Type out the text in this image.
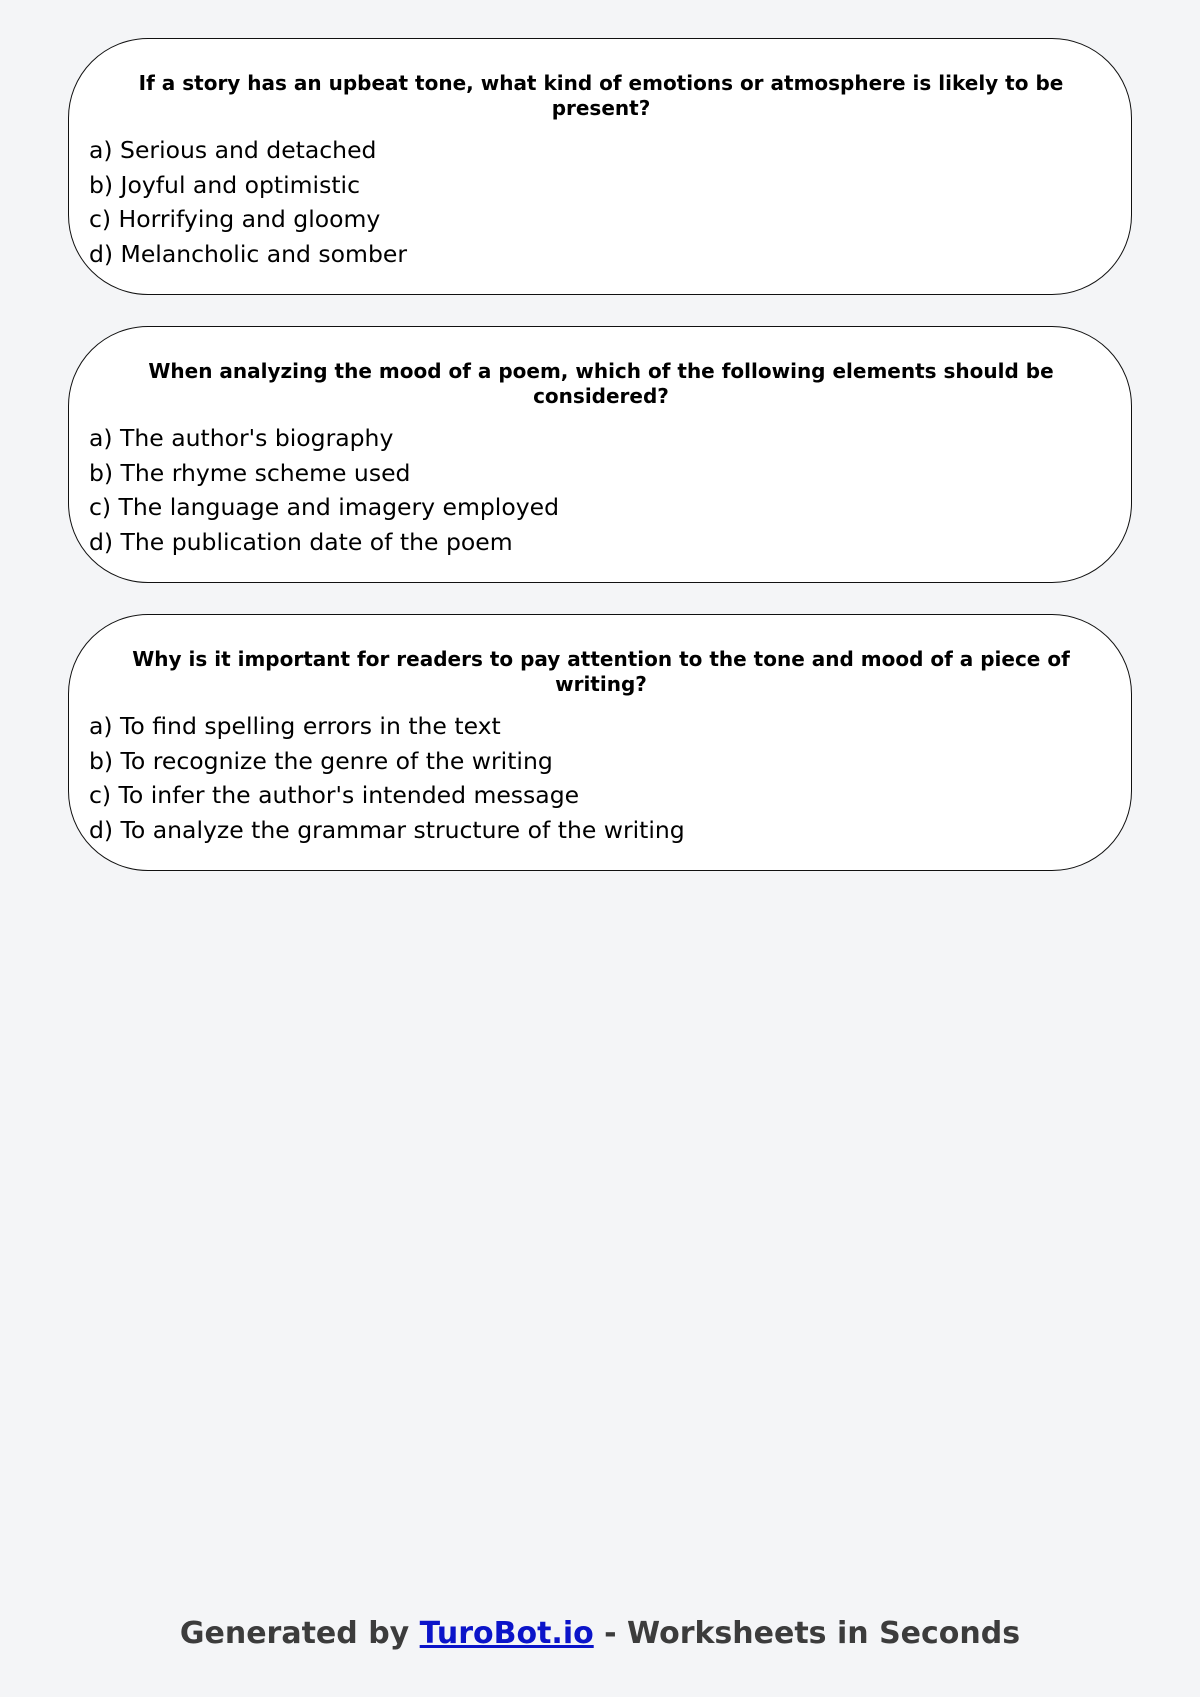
If a story has an upbeat tone, what kind of emotions or atmosphere is likely to be present?

a) Serious and detached
b) Joyful and optimistic
c) Horrifying and gloomy
d) Melancholic and somber

When analyzing the mood of a poem, which of the following elements should be considered?

a) The author's biography
b) The rhyme scheme used
c) The language and imagery employed
d) The publication date of the poem

Why is it important for readers to pay attention to the tone and mood of a piece of writing?

a) To find spelling errors in the text
b) To recognize the genre of the writing
c) To infer the author's intended message
d) To analyze the grammar structure of the writing
Generated by TuroBot.io - Worksheets in Seconds
